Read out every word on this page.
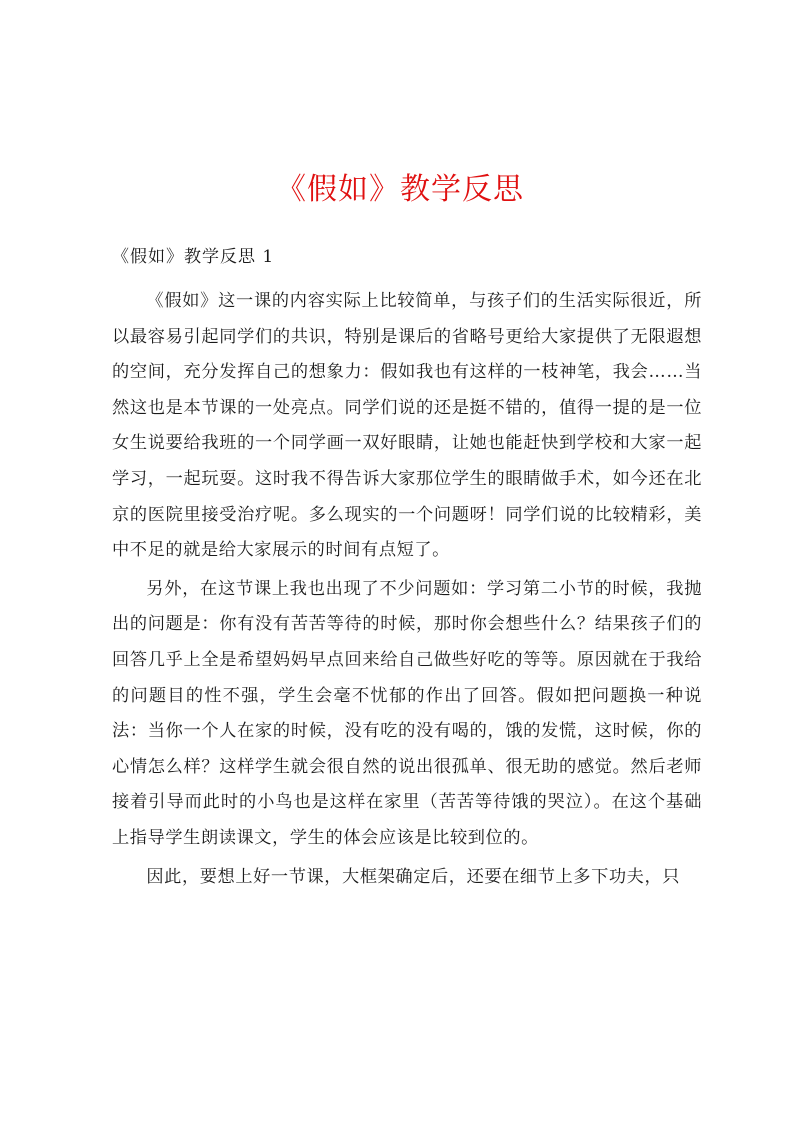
《假如》教学反思

《假如》教学反思 1

《假如》这一课的内容实际上比较简单，与孩子们的生活实际很近，所以最容易引起同学们的共识，特别是课后的省略号更给大家提供了无限遐想的空间，充分发挥自己的想象力：假如我也有这样的一枝神笔，我会……当然这也是本节课的一处亮点。同学们说的还是挺不错的，值得一提的是一位女生说要给我班的一个同学画一双好眼睛，让她也能赶快到学校和大家一起学习，一起玩耍。这时我不得告诉大家那位学生的眼睛做手术，如今还在北京的医院里接受治疗呢。多么现实的一个问题呀！同学们说的比较精彩，美中不足的就是给大家展示的时间有点短了。

另外，在这节课上我也出现了不少问题如：学习第二小节的时候，我抛出的问题是：你有没有苦苦等待的时候，那时你会想些什么？结果孩子们的回答几乎上全是希望妈妈早点回来给自己做些好吃的等等。原因就在于我给的问题目的性不强，学生会毫不忧郁的作出了回答。假如把问题换一种说法：当你一个人在家的时候，没有吃的没有喝的，饿的发慌，这时候，你的心情怎么样？这样学生就会很自然的说出很孤单、很无助的感觉。然后老师接着引导而此时的小鸟也是这样在家里（苦苦等待饿的哭泣）。在这个基础上指导学生朗读课文，学生的体会应该是比较到位的。

因此，要想上好一节课，大框架确定后，还要在细节上多下功夫，只
